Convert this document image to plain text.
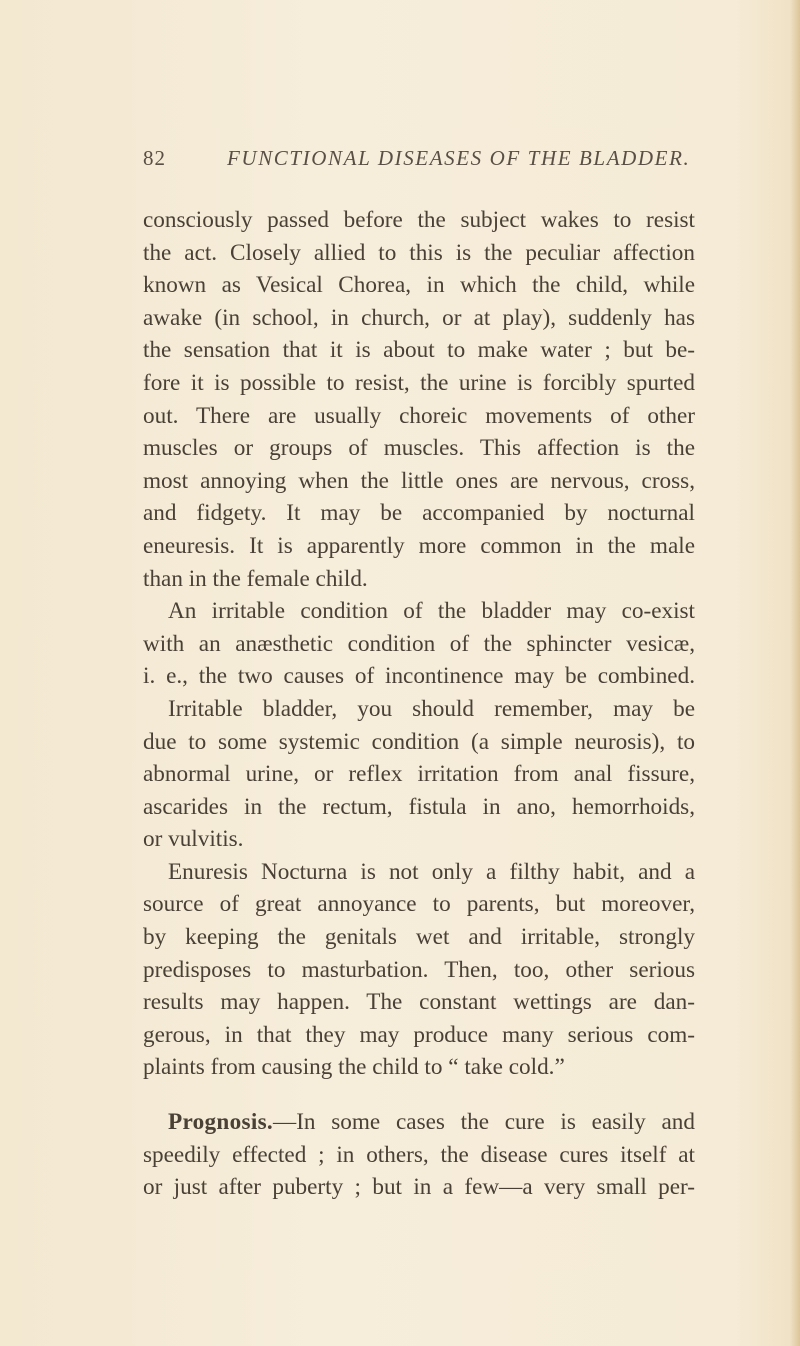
82	FUNCTIONAL DISEASES OF THE BLADDER.
consciously passed before the subject wakes to resist
the act. Closely allied to this is the peculiar affection
known as Vesical Chorea, in which the child, while
awake (in school, in church, or at play), suddenly has
the sensation that it is about to make water ; but be-
fore it is possible to resist, the urine is forcibly spurted
out. There are usually choreic movements of other
muscles or groups of muscles. This affection is the
most annoying when the little ones are nervous, cross,
and fidgety. It may be accompanied by nocturnal
eneuresis. It is apparently more common in the male
than in the female child.
An irritable condition of the bladder may co-exist
with an anæsthetic condition of the sphincter vesicæ,
i. e., the two causes of incontinence may be combined.
Irritable bladder, you should remember, may be
due to some systemic condition (a simple neurosis), to
abnormal urine, or reflex irritation from anal fissure,
ascarides in the rectum, fistula in ano, hemorrhoids,
or vulvitis.
Enuresis Nocturna is not only a filthy habit, and a
source of great annoyance to parents, but moreover,
by keeping the genitals wet and irritable, strongly
predisposes to masturbation. Then, too, other serious
results may happen. The constant wettings are dan-
gerous, in that they may produce many serious com-
plaints from causing the child to “ take cold.”
Prognosis.—In some cases the cure is easily and
speedily effected ; in others, the disease cures itself at
or just after puberty ; but in a few—a very small per-
